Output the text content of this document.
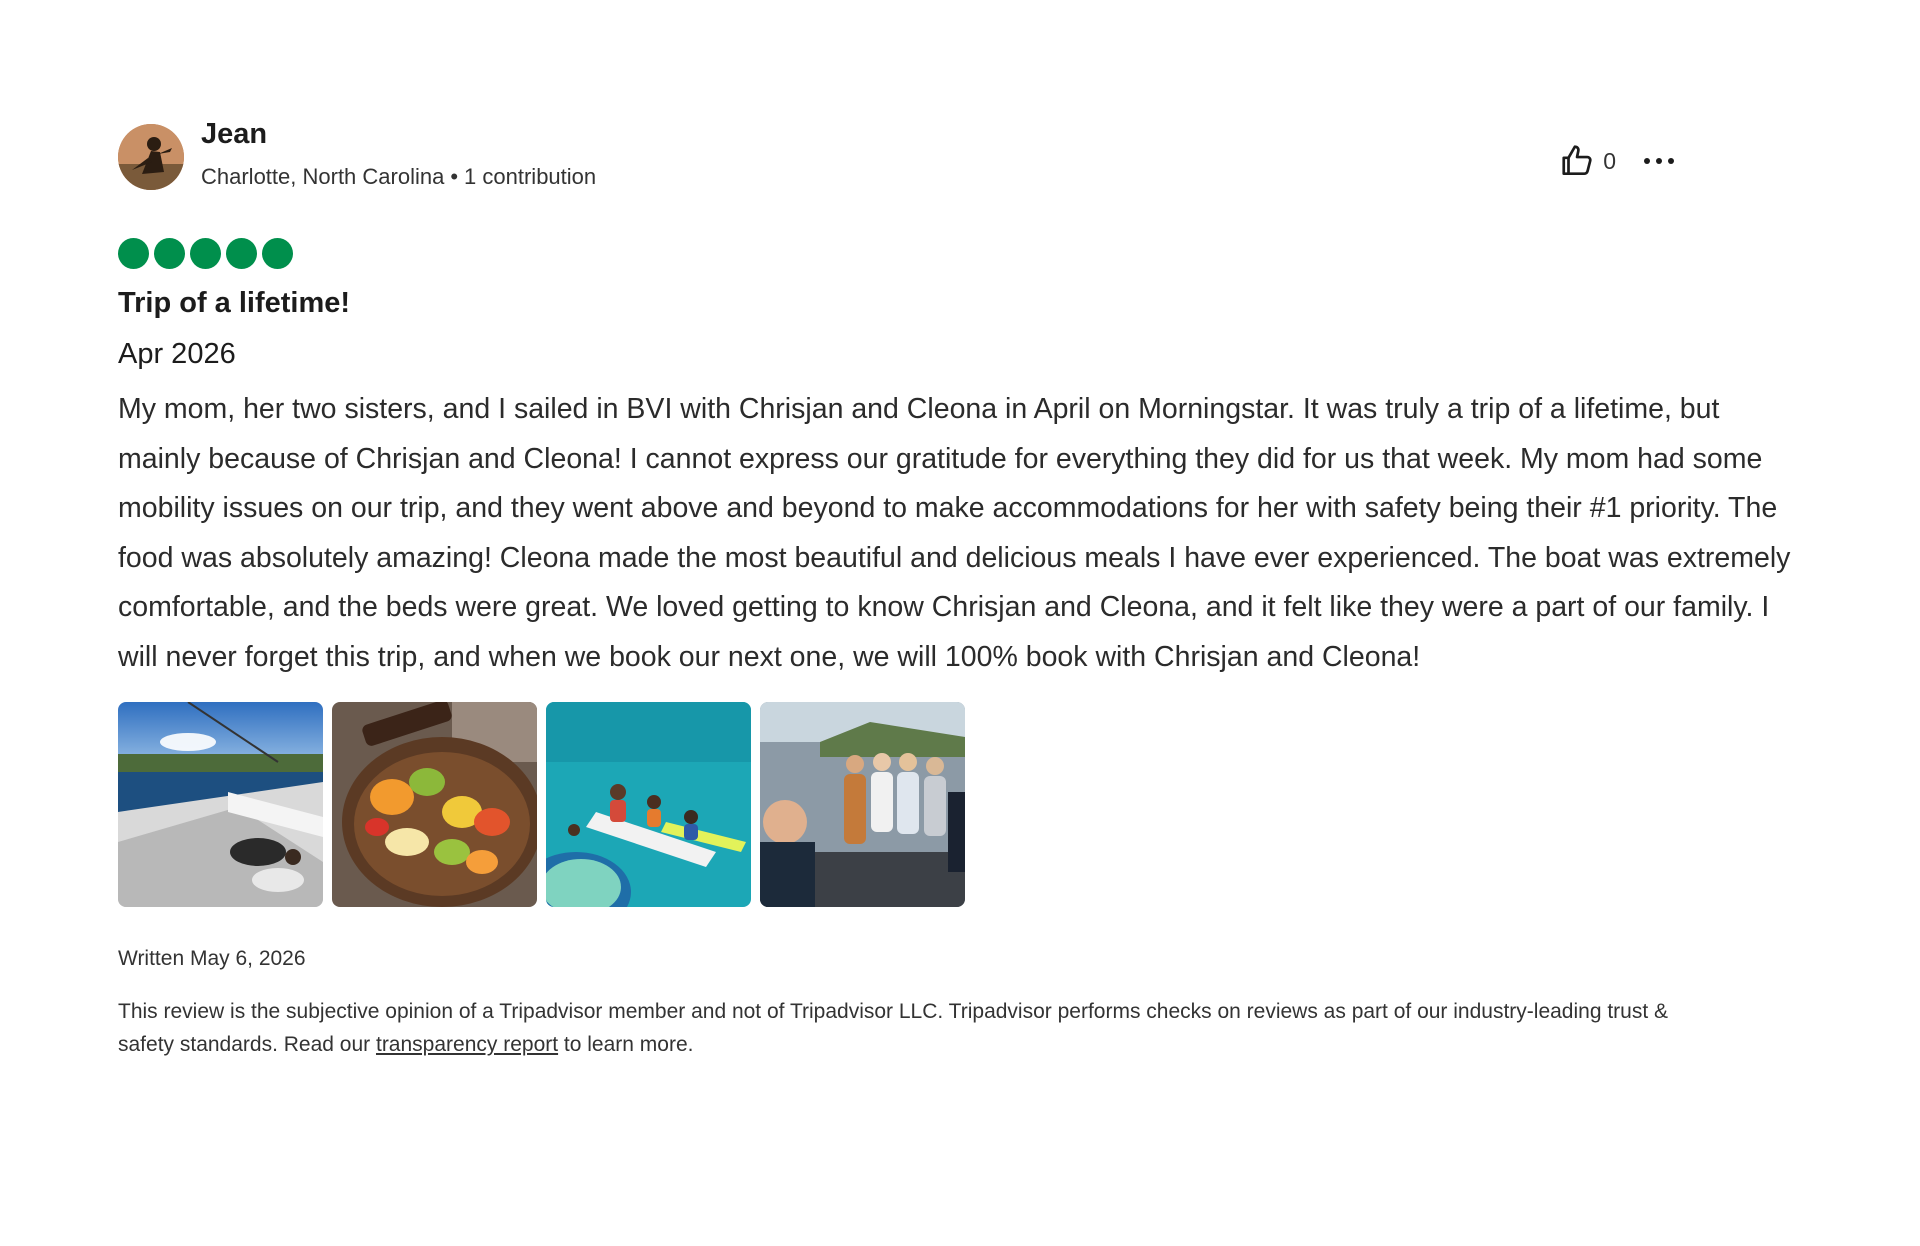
Jean
Charlotte, North Carolina • 1 contribution
0
Trip of a lifetime!
Apr 2026
My mom, her two sisters, and I sailed in BVI with Chrisjan and Cleona in April on Morningstar. It was truly a trip of a lifetime, but mainly because of Chrisjan and Cleona! I cannot express our gratitude for everything they did for us that week. My mom had some mobility issues on our trip, and they went above and beyond to make accommodations for her with safety being their #1 priority. The food was absolutely amazing! Cleona made the most beautiful and delicious meals I have ever experienced. The boat was extremely comfortable, and the beds were great. We loved getting to know Chrisjan and Cleona, and it felt like they were a part of our family. I will never forget this trip, and when we book our next one, we will 100% book with Chrisjan and Cleona!
Written May 6, 2026
This review is the subjective opinion of a Tripadvisor member and not of Tripadvisor LLC. Tripadvisor performs checks on reviews as part of our industry-leading trust & safety standards. Read our transparency report to learn more.
